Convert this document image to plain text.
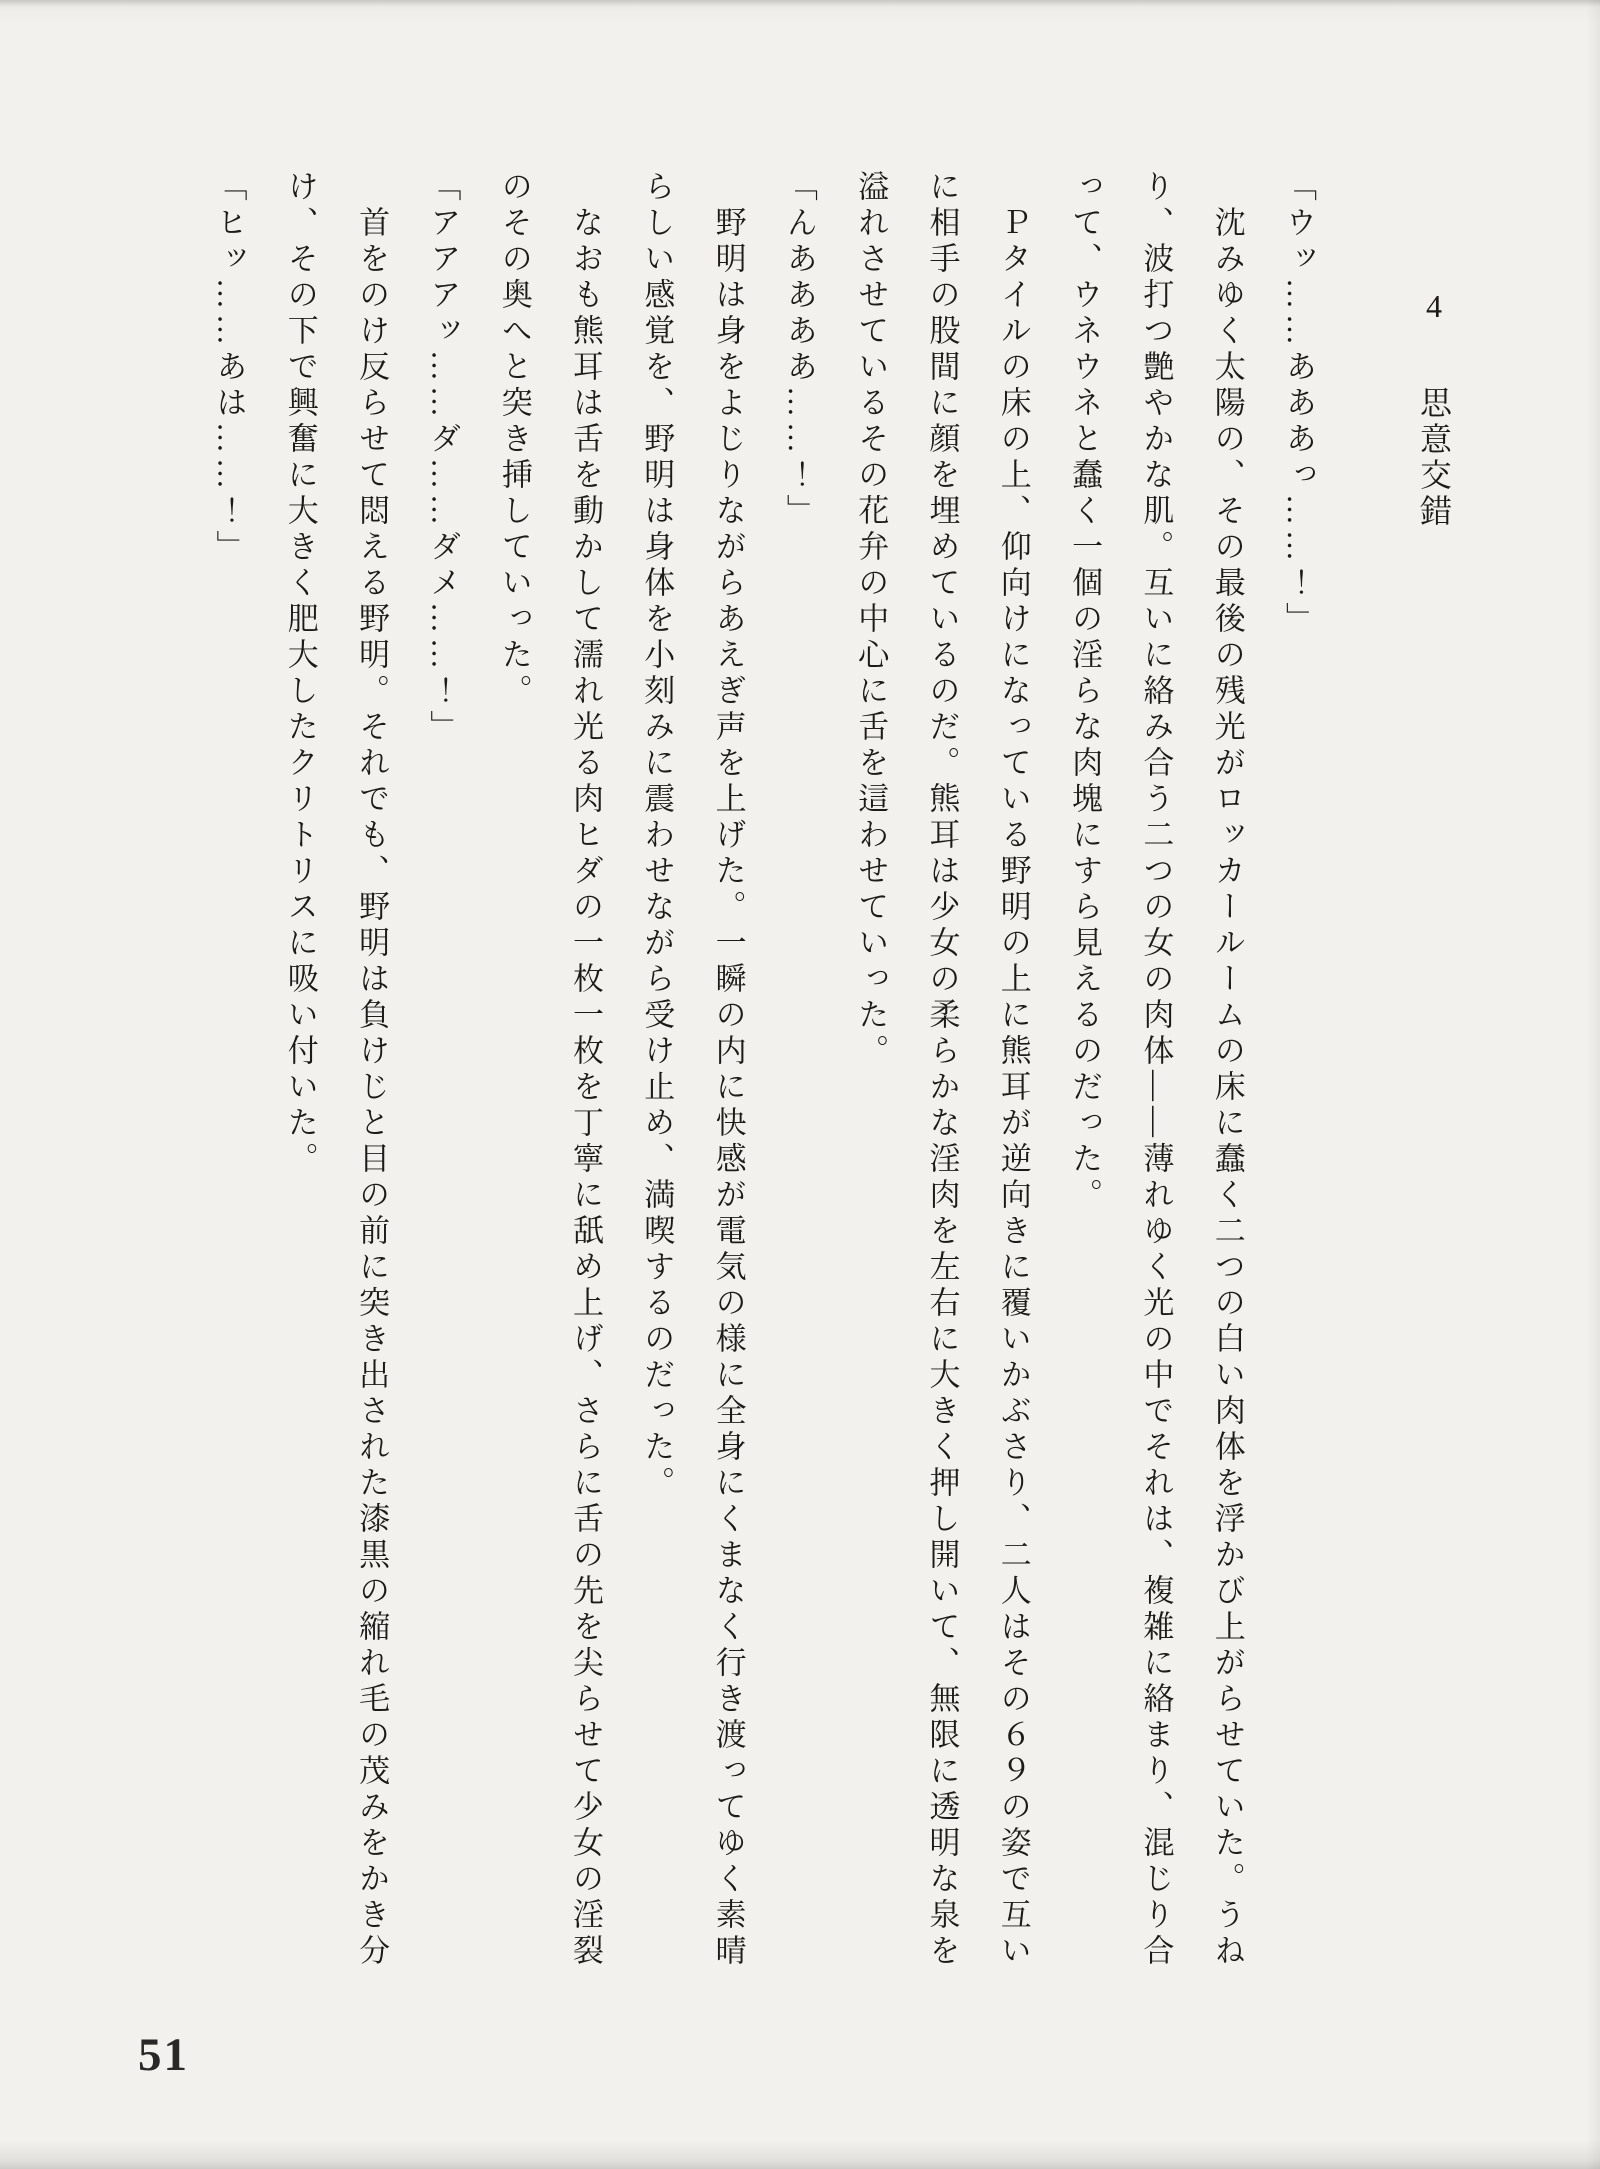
4 思意交錯
「ウッ……あああっ……！」
　沈みゆく太陽の、その最後の残光がロッカールームの床に蠢く二つの白い肉体を浮かび上がらせていた。うね
り、波打つ艶やかな肌。互いに絡み合う二つの女の肉体――薄れゆく光の中でそれは、複雑に絡まり、混じり合
って、ウネウネと蠢く一個の淫らな肉塊にすら見えるのだった。
　Ｐタイルの床の上、仰向けになっている野明の上に熊耳が逆向きに覆いかぶさり、二人はその６９の姿で互い
に相手の股間に顔を埋めているのだ。熊耳は少女の柔らかな淫肉を左右に大きく押し開いて、無限に透明な泉を
溢れさせているその花弁の中心に舌を這わせていった。
「んああああ……！」
　野明は身をよじりながらあえぎ声を上げた。一瞬の内に快感が電気の様に全身にくまなく行き渡ってゆく素晴
らしい感覚を、野明は身体を小刻みに震わせながら受け止め、満喫するのだった。
　なおも熊耳は舌を動かして濡れ光る肉ヒダの一枚一枚を丁寧に舐め上げ、さらに舌の先を尖らせて少女の淫裂
のその奥へと突き挿していった。
「アアアッ……ダ……ダメ……！」
　首をのけ反らせて悶える野明。それでも、野明は負けじと目の前に突き出された漆黒の縮れ毛の茂みをかき分
け、その下で興奮に大きく肥大したクリトリスに吸い付いた。
「ヒッ……あは……！」
51
